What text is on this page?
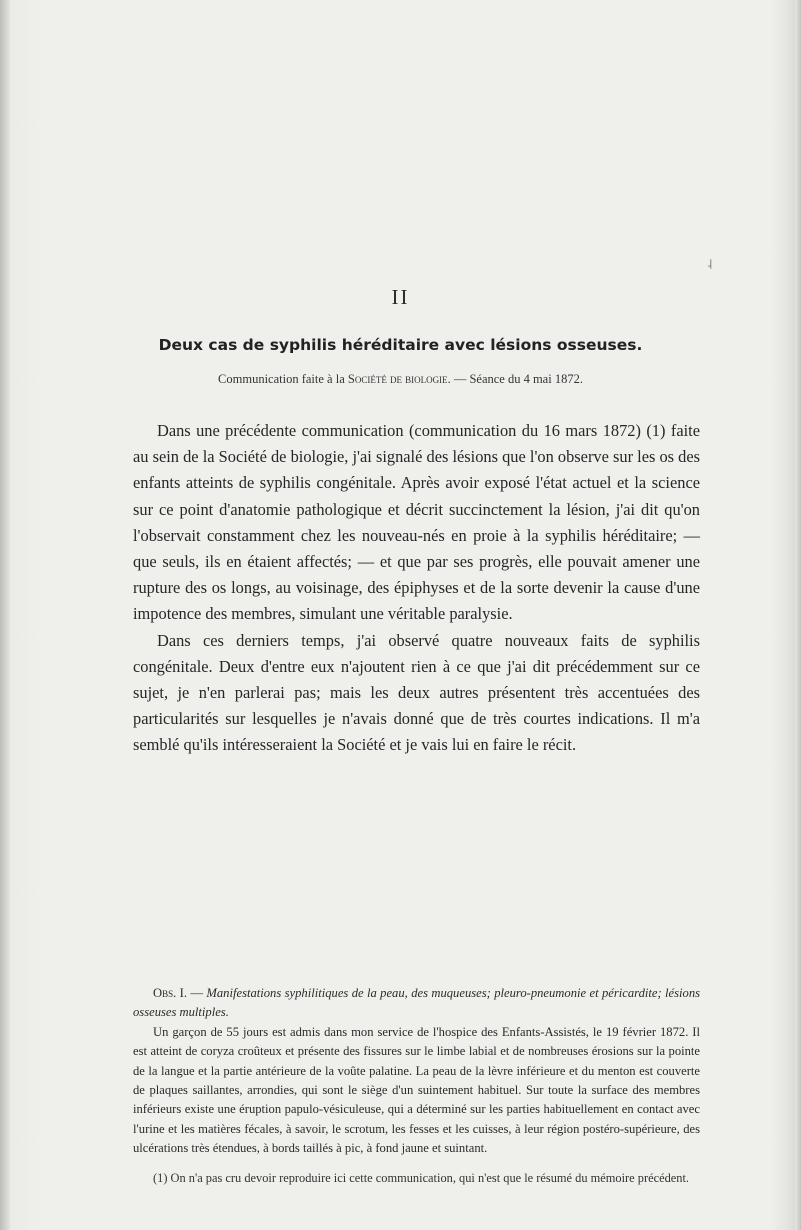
˨
II
Deux cas de syphilis héréditaire avec lésions osseuses.
Communication faite à la Société de biologie. — Séance du 4 mai 1872.

Dans une précédente communication (communication du 16 mars 1872) (1) faite au sein de la Société de biologie, j'ai signalé des lésions que l'on observe sur les os des enfants atteints de syphilis congénitale. Après avoir exposé l'état actuel et la science sur ce point d'anatomie pathologique et décrit succinctement la lésion, j'ai dit qu'on l'observait constamment chez les nouveau-nés en proie à la syphilis héréditaire; — que seuls, ils en étaient affectés; — et que par ses progrès, elle pouvait amener une rupture des os longs, au voisinage, des épiphyses et de la sorte devenir la cause d'une impotence des membres, simulant une véritable paralysie.

Dans ces derniers temps, j'ai observé quatre nouveaux faits de syphilis congénitale. Deux d'entre eux n'ajoutent rien à ce que j'ai dit précédemment sur ce sujet, je n'en parlerai pas; mais les deux autres présentent très accentuées des particularités sur lesquelles je n'avais donné que de très courtes indications. Il m'a semblé qu'ils intéresseraient la Société et je vais lui en faire le récit.

Obs. I. — Manifestations syphilitiques de la peau, des muqueuses; pleuro-pneumonie et péricardite; lésions osseuses multiples.

Un garçon de 55 jours est admis dans mon service de l'hospice des Enfants-Assistés, le 19 février 1872. Il est atteint de coryza croûteux et présente des fissures sur le limbe labial et de nombreuses érosions sur la pointe de la langue et la partie antérieure de la voûte palatine. La peau de la lèvre inférieure et du menton est couverte de plaques saillantes, arrondies, qui sont le siège d'un suintement habituel. Sur toute la surface des membres inférieurs existe une éruption papulo-vésiculeuse, qui a déterminé sur les parties habituellement en contact avec l'urine et les matières fécales, à savoir, le scrotum, les fesses et les cuisses, à leur région postéro-supérieure, des ulcérations très étendues, à bords taillés à pic, à fond jaune et suintant.

(1) On n'a pas cru devoir reproduire ici cette communication, qui n'est que le résumé du mémoire précédent.
